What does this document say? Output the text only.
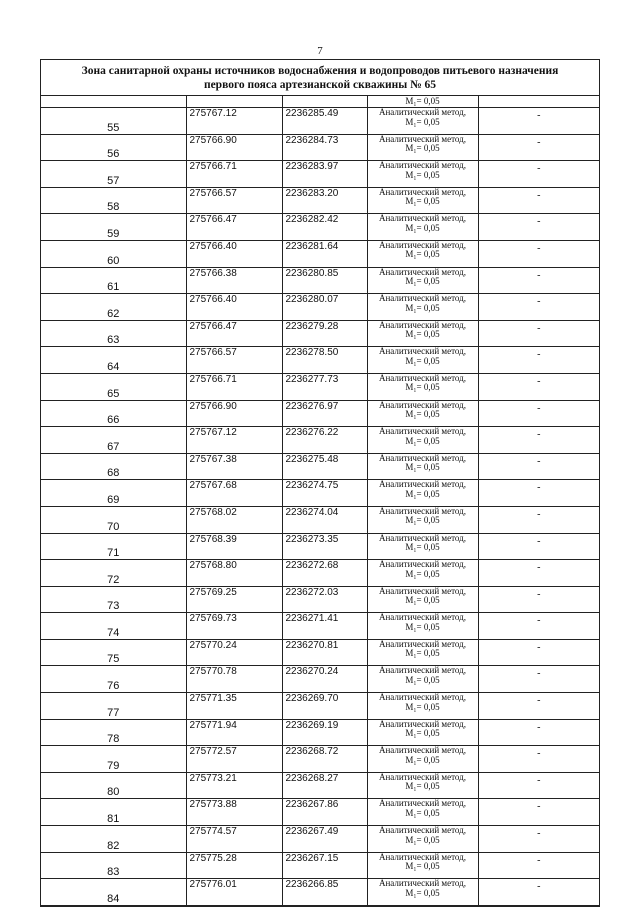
7
Зона санитарной охраны источников водоснабжения и водопроводов питьевого назначения
первого пояса артезианской скважины № 65
			M₁= 0,05	
55	275767.12	2236285.49	Аналитический метод,
M₁= 0,05	-
56	275766.90	2236284.73	Аналитический метод,
M₁= 0,05	-
57	275766.71	2236283.97	Аналитический метод,
M₁= 0,05	-
58	275766.57	2236283.20	Аналитический метод,
M₁= 0,05	-
59	275766.47	2236282.42	Аналитический метод,
M₁= 0,05	-
60	275766.40	2236281.64	Аналитический метод,
M₁= 0,05	-
61	275766.38	2236280.85	Аналитический метод,
M₁= 0,05	-
62	275766.40	2236280.07	Аналитический метод,
M₁= 0,05	-
63	275766.47	2236279.28	Аналитический метод,
M₁= 0,05	-
64	275766.57	2236278.50	Аналитический метод,
M₁= 0,05	-
65	275766.71	2236277.73	Аналитический метод,
M₁= 0,05	-
66	275766.90	2236276.97	Аналитический метод,
M₁= 0,05	-
67	275767.12	2236276.22	Аналитический метод,
M₁= 0,05	-
68	275767.38	2236275.48	Аналитический метод,
M₁= 0,05	-
69	275767.68	2236274.75	Аналитический метод,
M₁= 0,05	-
70	275768.02	2236274.04	Аналитический метод,
M₁= 0,05	-
71	275768.39	2236273.35	Аналитический метод,
M₁= 0,05	-
72	275768.80	2236272.68	Аналитический метод,
M₁= 0,05	-
73	275769.25	2236272.03	Аналитический метод,
M₁= 0,05	-
74	275769.73	2236271.41	Аналитический метод,
M₁= 0,05	-
75	275770.24	2236270.81	Аналитический метод,
M₁= 0,05	-
76	275770.78	2236270.24	Аналитический метод,
M₁= 0,05	-
77	275771.35	2236269.70	Аналитический метод,
M₁= 0,05	-
78	275771.94	2236269.19	Аналитический метод,
M₁= 0,05	-
79	275772.57	2236268.72	Аналитический метод,
M₁= 0,05	-
80	275773.21	2236268.27	Аналитический метод,
M₁= 0,05	-
81	275773.88	2236267.86	Аналитический метод,
M₁= 0,05	-
82	275774.57	2236267.49	Аналитический метод,
M₁= 0,05	-
83	275775.28	2236267.15	Аналитический метод,
M₁= 0,05	-
84	275776.01	2236266.85	Аналитический метод,
M₁= 0,05	-
